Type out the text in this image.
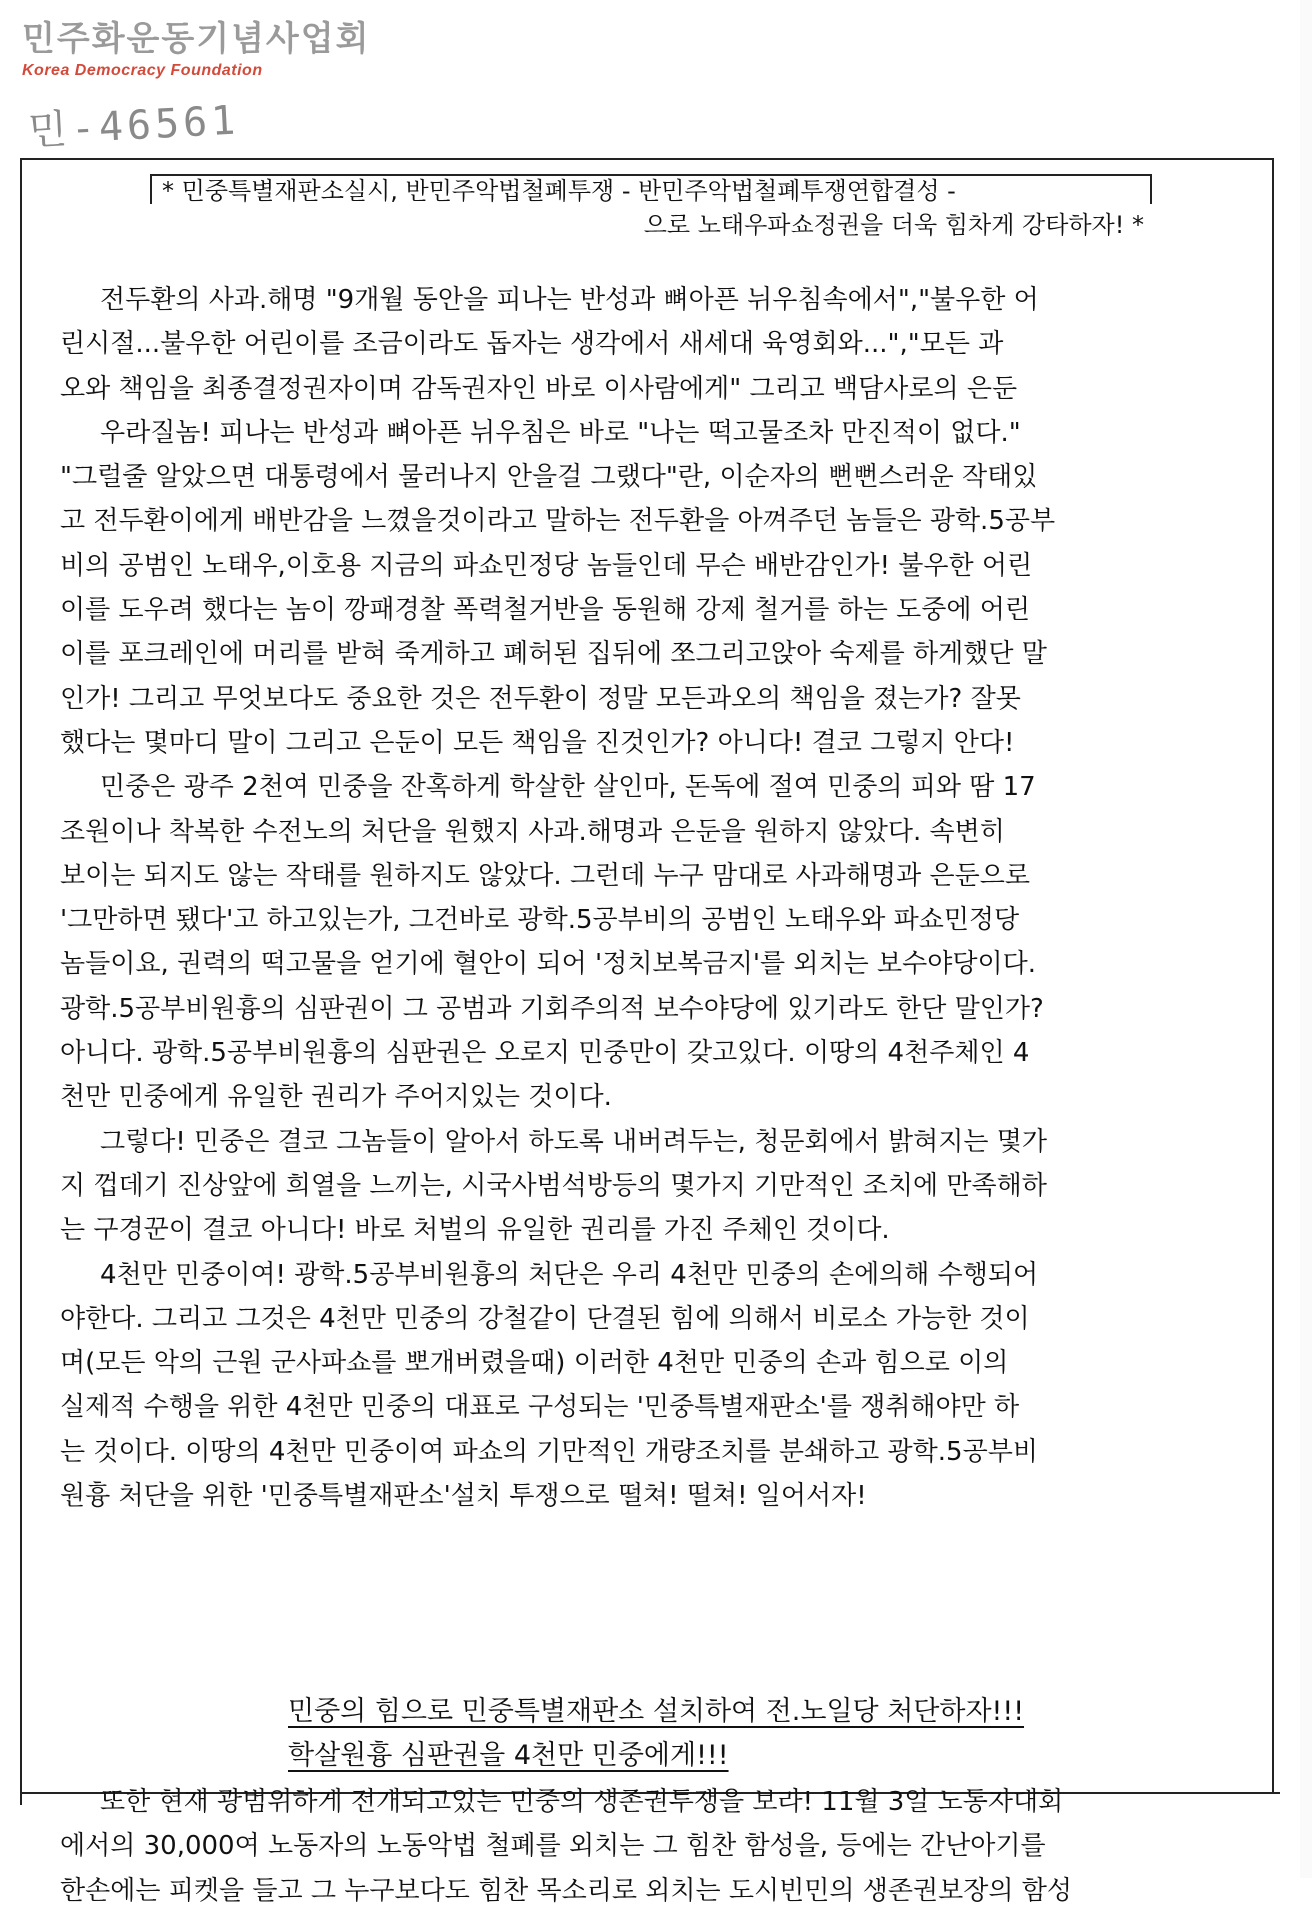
민주화운동기념사업회
Korea Democracy Foundation
민-46561
* 민중특별재판소실시, 반민주악법철폐투쟁 - 반민주악법철폐투쟁연합결성 -
으로 노태우파쇼정권을 더욱 힘차게 강타하자! *
전두환의 사과.해명 "9개월 동안을 피나는 반성과 뼈아픈 뉘우침속에서","불우한 어
린시절...불우한 어린이를 조금이라도 돕자는 생각에서 새세대 육영회와...","모든 과
오와 책임을 최종결정권자이며 감독권자인 바로 이사람에게" 그리고 백담사로의 은둔
우라질놈! 피나는 반성과 뼈아픈 뉘우침은 바로 "나는 떡고물조차 만진적이 없다."
"그럴줄 알았으면 대통령에서 물러나지 안을걸 그랬다"란, 이순자의 뻔뻔스러운 작태있
고 전두환이에게 배반감을 느꼈을것이라고 말하는 전두환을 아껴주던 놈들은 광학.5공부
비의 공범인 노태우,이호용 지금의 파쇼민정당 놈들인데 무슨 배반감인가! 불우한 어린
이를 도우려 했다는 놈이 깡패경찰 폭력철거반을 동원해 강제 철거를 하는 도중에 어린
이를 포크레인에 머리를 받혀 죽게하고 폐허된 집뒤에 쪼그리고앉아 숙제를 하게했단 말
인가! 그리고 무엇보다도 중요한 것은 전두환이 정말 모든과오의 책임을 졌는가? 잘못
했다는 몇마디 말이 그리고 은둔이 모든 책임을 진것인가? 아니다! 결코 그렇지 안다!
민중은 광주 2천여 민중을 잔혹하게 학살한 살인마, 돈독에 절여 민중의 피와 땀 17
조원이나 착복한 수전노의 처단을 원했지 사과.해명과 은둔을 원하지 않았다. 속변히
보이는 되지도 않는 작태를 원하지도 않았다. 그런데 누구 맘대로 사과해명과 은둔으로
'그만하면 됐다'고 하고있는가, 그건바로 광학.5공부비의 공범인 노태우와 파쇼민정당
놈들이요, 권력의 떡고물을 얻기에 혈안이 되어 '정치보복금지'를 외치는 보수야당이다.
광학.5공부비원흉의 심판권이 그 공범과 기회주의적 보수야당에 있기라도 한단 말인가?
아니다. 광학.5공부비원흉의 심판권은 오로지 민중만이 갖고있다. 이땅의 4천주체인 4
천만 민중에게 유일한 권리가 주어지있는 것이다.
그렇다! 민중은 결코 그놈들이 알아서 하도록 내버려두는, 청문회에서 밝혀지는 몇가
지 껍데기 진상앞에 희열을 느끼는, 시국사범석방등의 몇가지 기만적인 조치에 만족해하
는 구경꾼이 결코 아니다! 바로 처벌의 유일한 권리를 가진 주체인 것이다.
4천만 민중이여! 광학.5공부비원흉의 처단은 우리 4천만 민중의 손에의해 수행되어
야한다. 그리고 그것은 4천만 민중의 강철같이 단결된 힘에 의해서 비로소 가능한 것이
며(모든 악의 근원 군사파쇼를 뽀개버렸을때) 이러한 4천만 민중의 손과 힘으로 이의
실제적 수행을 위한 4천만 민중의 대표로 구성되는 '민중특별재판소'를 쟁취해야만 하
는 것이다. 이땅의 4천만 민중이여 파쇼의 기만적인 개량조치를 분쇄하고 광학.5공부비
원흉 처단을 위한 '민중특별재판소'설치 투쟁으로 떨쳐! 떨쳐! 일어서자!
민중의 힘으로 민중특별재판소 설치하여 전.노일당 처단하자!!!
학살원흉 심판권을 4천만 민중에게!!!
또한 현재 광범위하게 전개되고있는 민중의 생존권투쟁을 보라! 11월 3일 노동자대회
에서의 30,000여 노동자의 노동악법 철폐를 외치는 그 힘찬 함성을, 등에는 간난아기를
한손에는 피켓을 들고 그 누구보다도 힘찬 목소리로 외치는 도시빈민의 생존권보장의 함성
